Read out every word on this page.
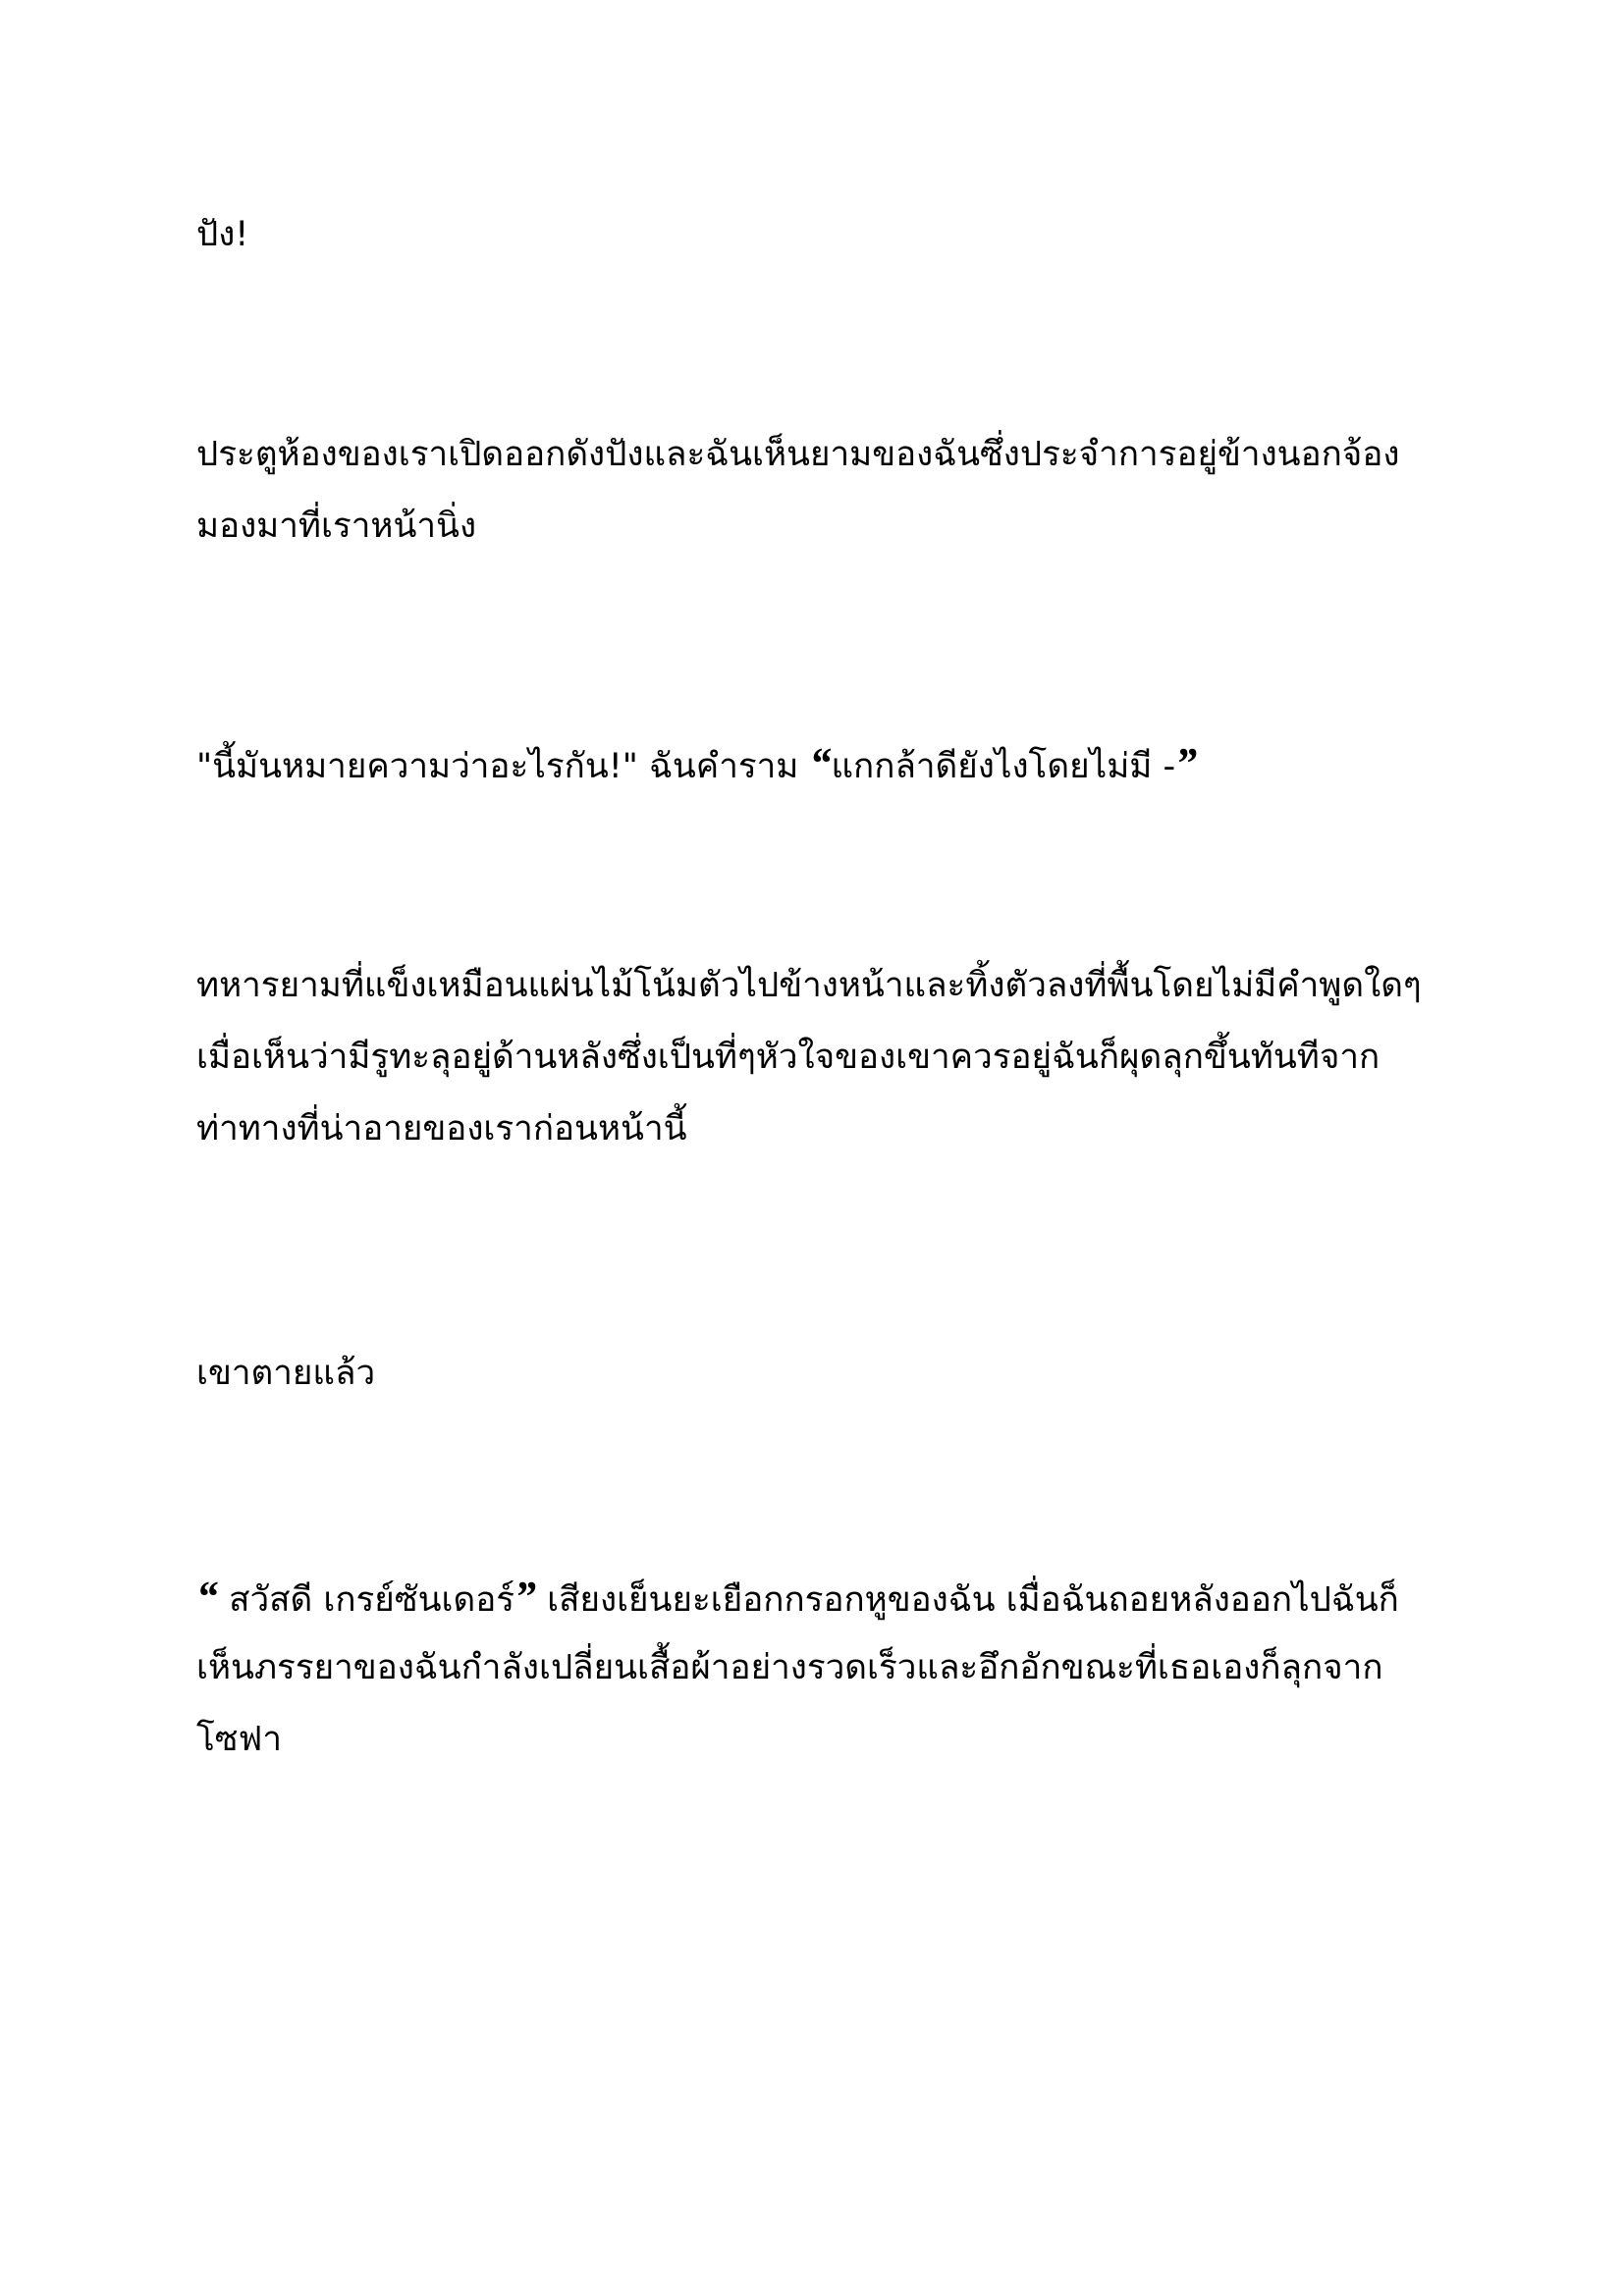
ปัง!

ประตูห้องของเราเปิดออกดังปังและฉันเห็นยามของฉันซึ่งประจำการอยู่ข้างนอกจ้อง
มองมาที่เราหน้านิ่ง

"นี้มันหมายความว่าอะไรกัน!" ฉันคำราม “แกกล้าดียังไงโดยไม่มี -”

ทหารยามที่แข็งเหมือนแผ่นไม้โน้มตัวไปข้างหน้าและทิ้งตัวลงที่พื้นโดยไม่มีคำพูดใดๆ
เมื่อเห็นว่ามีรูทะลุอยู่ด้านหลังซึ่งเป็นที่ๆหัวใจของเขาควรอยู่ฉันก็ผุดลุกขึ้นทันทีจาก
ท่าทางที่น่าอายของเราก่อนหน้านี้

เขาตายแล้ว

“ สวัสดี เกรย์ซันเดอร์” เสียงเย็นยะเยือกกรอกหูของฉัน เมื่อฉันถอยหลังออกไปฉันก็
เห็นภรรยาของฉันกำลังเปลี่ยนเสื้อผ้าอย่างรวดเร็วและอึกอักขณะที่เธอเองก็ลุกจาก
โซฟา
